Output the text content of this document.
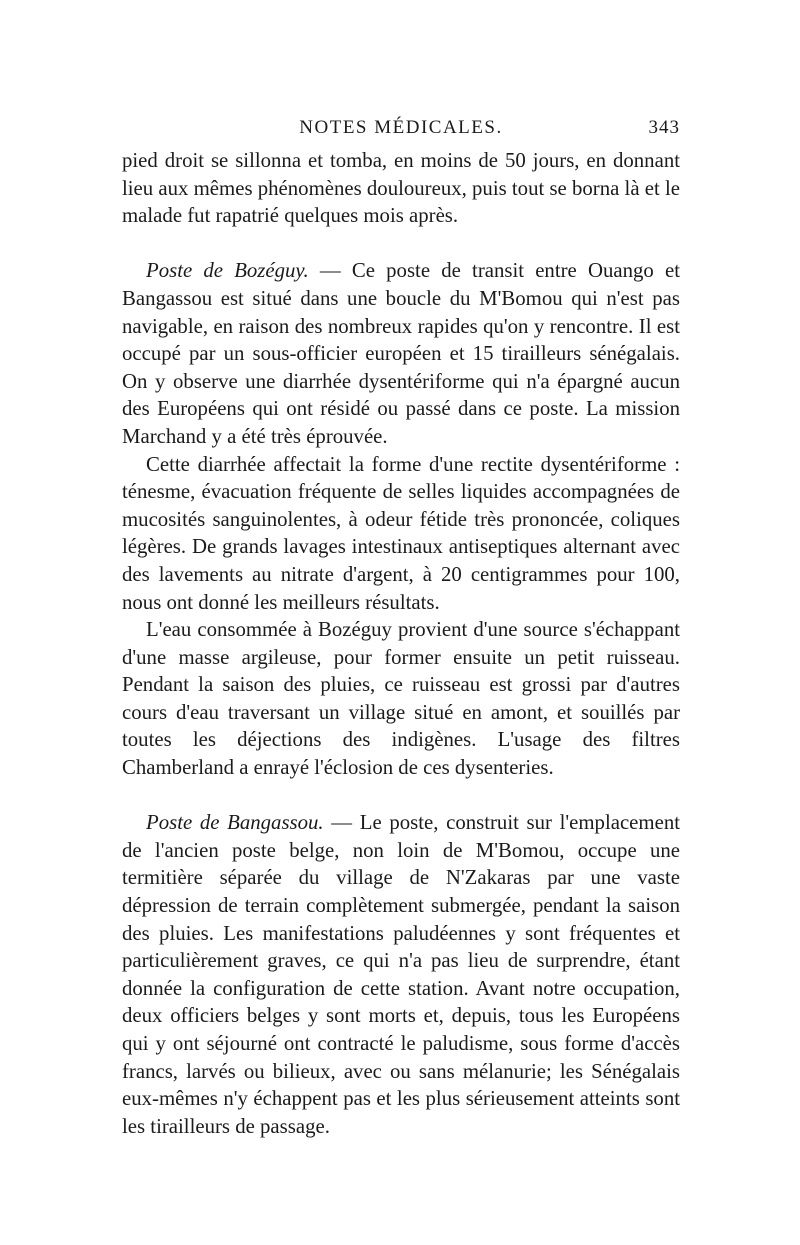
NOTES MÉDICALES.	343

pied droit se sillonna et tomba, en moins de 50 jours, en donnant lieu aux mêmes phénomènes douloureux, puis tout se borna là et le malade fut rapatrié quelques mois après.

Poste de Bozéguy. — Ce poste de transit entre Ouango et Bangassou est situé dans une boucle du M'Bomou qui n'est pas navigable, en raison des nombreux rapides qu'on y rencontre. Il est occupé par un sous-officier européen et 15 tirailleurs sénégalais. On y observe une diarrhée dysentériforme qui n'a épargné aucun des Européens qui ont résidé ou passé dans ce poste. La mission Marchand y a été très éprouvée.

Cette diarrhée affectait la forme d'une rectite dysentériforme : ténesme, évacuation fréquente de selles liquides accompagnées de mucosités sanguinolentes, à odeur fétide très prononcée, coliques légères. De grands lavages intestinaux antiseptiques alternant avec des lavements au nitrate d'argent, à 20 centigrammes pour 100, nous ont donné les meilleurs résultats.

L'eau consommée à Bozéguy provient d'une source s'échappant d'une masse argileuse, pour former ensuite un petit ruisseau. Pendant la saison des pluies, ce ruisseau est grossi par d'autres cours d'eau traversant un village situé en amont, et souillés par toutes les déjections des indigènes. L'usage des filtres Chamberland a enrayé l'éclosion de ces dysenteries.

Poste de Bangassou. — Le poste, construit sur l'emplacement de l'ancien poste belge, non loin de M'Bomou, occupe une termitière séparée du village de N'Zakaras par une vaste dépression de terrain complètement submergée, pendant la saison des pluies. Les manifestations paludéennes y sont fréquentes et particulièrement graves, ce qui n'a pas lieu de surprendre, étant donnée la configuration de cette station. Avant notre occupation, deux officiers belges y sont morts et, depuis, tous les Européens qui y ont séjourné ont contracté le paludisme, sous forme d'accès francs, larvés ou bilieux, avec ou sans mélanurie; les Sénégalais eux-mêmes n'y échappent pas et les plus sérieusement atteints sont les tirailleurs de passage.
